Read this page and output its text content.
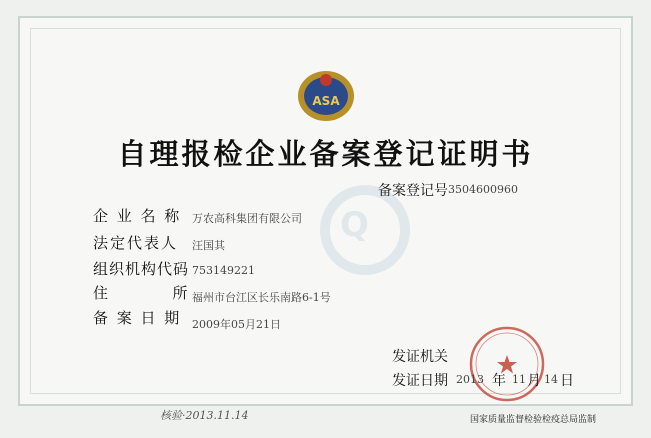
Q
ASA
自理报检企业备案登记证明书
备案登记号 3504600960
企 业 名 称 万农高科集团有限公司
法定代表人 汪国其
组织机构代码 753149221
住           所 福州市台江区长乐南路6-1号
备 案 日 期 2009年05月21日
发证机关
发证日期 2013 年 11 月 14 日
核验·2013.11.14	国家质量监督检验检疫总局监制
